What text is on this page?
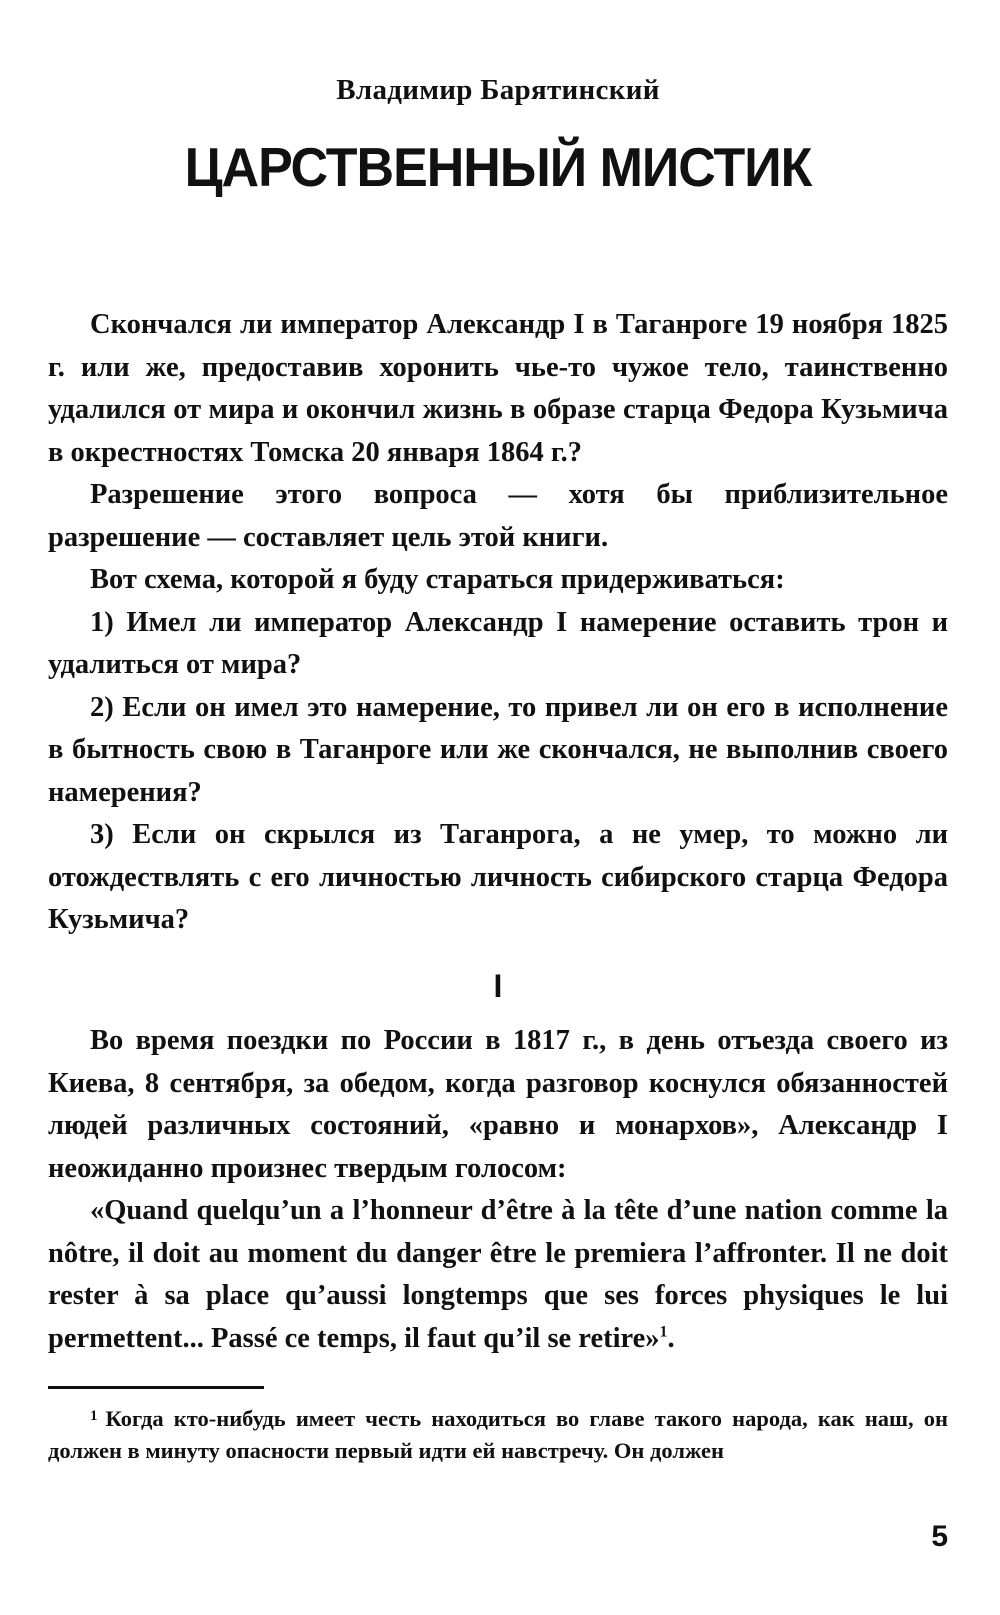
Владимир Барятинский
ЦАРСТВЕННЫЙ МИСТИК

Скончался ли император Александр I в Таганроге 19 ноября 1825 г. или же, предоставив хоронить чье-то чужое тело, таинственно удалился от мира и окончил жизнь в образе старца Федора Кузьмича в окрестностях Томска 20 января 1864 г.?

Разрешение этого вопроса — хотя бы приблизительное разрешение — составляет цель этой книги.

Вот схема, которой я буду стараться придерживаться:

1) Имел ли император Александр I намерение оставить трон и удалиться от мира?

2) Если он имел это намерение, то привел ли он его в исполнение в бытность свою в Таганроге или же скончался, не выполнив своего намерения?

3) Если он скрылся из Таганрога, а не умер, то можно ли отождествлять с его личностью личность сибирского старца Федора Кузьмича?

I

Во время поездки по России в 1817 г., в день отъезда своего из Киева, 8 сентября, за обедом, когда разговор коснулся обязанностей людей различных состояний, «равно и монархов», Александр I неожиданно произнес твердым голосом:

«Quand quelqu’un a l’honneur d’être à la tête d’une nation comme la nôtre, il doit au moment du danger être le premiera l’affronter. Il ne doit rester à sa place qu’aussi longtemps que ses forces physiques le lui permettent... Passé ce temps, il faut qu’il se retire»$^1$.

$^1$ Когда кто-нибудь имеет честь находиться во главе такого народа, как наш, он должен в минуту опасности первый идти ей навстречу. Он должен

5
